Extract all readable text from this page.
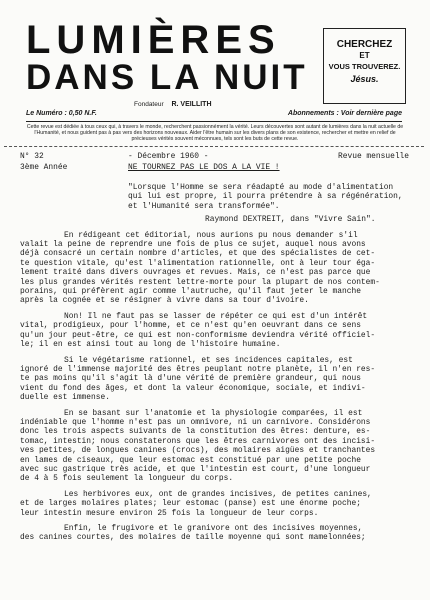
LUMIÈRES
DANS LA NUIT
CHERCHEZ
ET
VOUS TROUVEREZ.
Jésus.
Fondateur R. VEILLITH
Le Numéro : 0,50 N.F.	Abonnements : Voir dernière page
Cette revue est dédiée à tous ceux qui, à travers le monde, recherchent passionnément la vérité. Leurs découvertes sont autant de lumières dans la nuit actuelle de l'Humanité, et nous guident pas à pas vers des horizons nouveaux. Aider l'être humain sur les divers plans de son existence, rechercher et mettre en relief de précieuses vérités souvent méconnues, tels sont les buts de cette revue.
N° 32	- Décembre 1960 -	Revue mensuelle
3ème Année	NE TOURNEZ PAS LE DOS A LA VIE !
"Lorsque l'Homme se sera réadapté au mode d'alimentation
qui lui est propre, il pourra prétendre à sa régénération,
et l'Humanité sera transformée".
Raymond DEXTREIT, dans "Vivre Sain".

En rédigeant cet éditorial, nous aurions pu nous demander s'il
valait la peine de reprendre une fois de plus ce sujet, auquel nous avons
déjà consacré un certain nombre d'articles, et que des spécialistes de cet-
te question vitale, qu'est l'alimentation rationnelle, ont à leur tour éga-
lement traité dans divers ouvrages et revues. Mais, ce n'est pas parce que
les plus grandes vérités restent lettre-morte pour la plupart de nos contem-
porains, qui préfèrent agir comme l'autruche, qu'il faut jeter le manche
après la cognée et se résigner à vivre dans sa tour d'ivoire.

Non! Il ne faut pas se lasser de répéter ce qui est d'un intérêt
vital, prodigieux, pour l'homme, et ce n'est qu'en oeuvrant dans ce sens
qu'un jour peut-être, ce qui est non-conformisme deviendra vérité officiel-
le; il en est ainsi tout au long de l'histoire humaine.

Si le végétarisme rationnel, et ses incidences capitales, est
ignoré de l'immense majorité des êtres peuplant notre planète, il n'en res-
te pas moins qu'il s'agit là d'une vérité de première grandeur, qui nous
vient du fond des âges, et dont la valeur économique, sociale, et indivi-
duelle est immense.

En se basant sur l'anatomie et la physiologie comparées, il est
indéniable que l'homme n'est pas un omnivore, ni un carnivore. Considérons
donc les trois aspects suivants de la constitution des êtres: denture, es-
tomac, intestin; nous constaterons que les êtres carnivores ont des incisi-
ves petites, de longues canines (crocs), des molaires aigües et tranchantes
en lames de ciseaux, que leur estomac est constitué par une petite poche
avec suc gastrique très acide, et que l'intestin est court, d'une longueur
de 4 à 5 fois seulement la longueur du corps.

Les herbivores eux, ont de grandes incisives, de petites canines,
et de larges molaires plates; leur estomac (panse) est une énorme poche;
leur intestin mesure environ 25 fois la longueur de leur corps.

Enfin, le frugivore et le granivore ont des incisives moyennes,
des canines courtes, des molaires de taille moyenne qui sont mamelonnées;
